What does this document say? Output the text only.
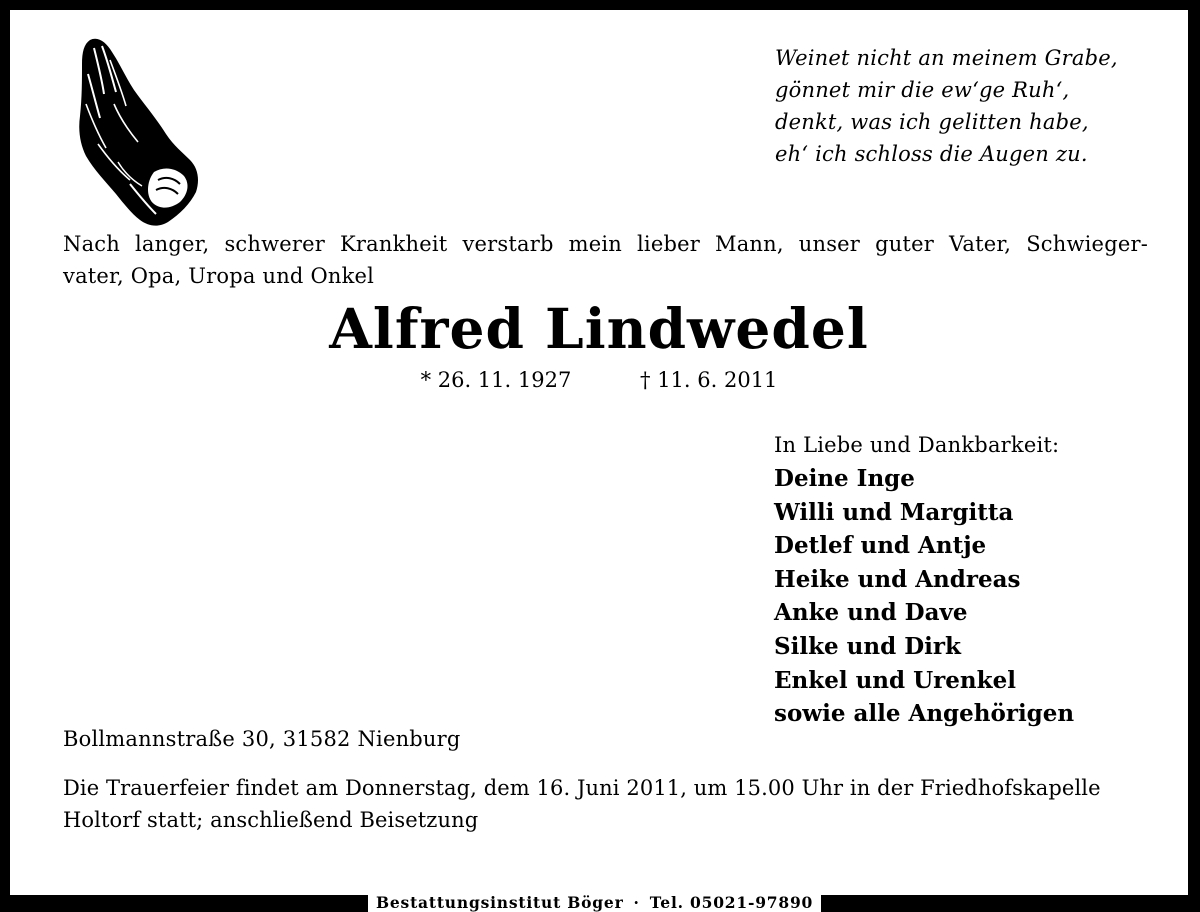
Weinet nicht an meinem Grabe,
gönnet mir die ew‘ge Ruh‘,
denkt, was ich gelitten habe,
eh‘ ich schloss die Augen zu.
Nach langer, schwerer Krankheit verstarb mein lieber Mann, unser guter Vater, Schwieger-
vater, Opa, Uropa und Onkel
Alfred Lindwedel
* 26. 11. 1927	† 11. 6. 2011
In Liebe und Dankbarkeit:
Deine Inge
Willi und Margitta
Detlef und Antje
Heike und Andreas
Anke und Dave
Silke und Dirk
Enkel und Urenkel
sowie alle Angehörigen
Bollmannstraße 30, 31582 Nienburg
Die Trauerfeier findet am Donnerstag, dem 16. Juni 2011, um 15.00 Uhr in der Friedhofskapelle
Holtorf statt; anschließend Beisetzung
Bestattungsinstitut Böger · Tel. 05021-97890
